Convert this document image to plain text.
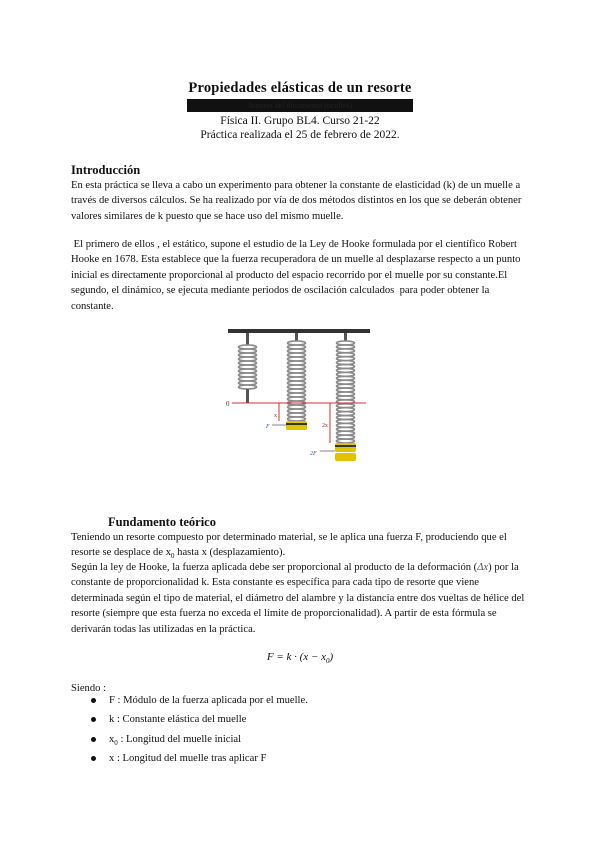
Propiedades elásticas de un resorte
Autores del documento (ocultos)
Física II. Grupo BL4. Curso 21-22
Práctica realizada el 25 de febrero de 2022.
Introducción

En esta práctica se lleva a cabo un experimento para obtener la constante de elasticidad (k) de un muelle a través de diversos cálculos. Se ha realizado por vía de dos métodos distintos en los que se deberán obtener valores similares de k puesto que se hace uso del mismo muelle.

El primero de ellos , el estático, supone el estudio de la Ley de Hooke formulada por el científico Robert Hooke en 1678. Esta establece que la fuerza recuperadora de un muelle al desplazarse respecto a un punto inicial es directamente proporcional al producto del espacio recorrido por el muelle por su constante.El segundo, el dinámico, se ejecuta mediante periodos de oscilación calculados  para poder obtener la constante.

0
x
F	2x
2F
Fundamento teórico

Teniendo un resorte compuesto por determinado material, se le aplica una fuerza F, produciendo que el resorte se desplace de $x_0$ hasta x (desplazamiento).

Según la ley de Hooke, la fuerza aplicada debe ser proporcional al producto de la deformación (Δx) por la constante de proporcionalidad k. Esta constante es específica para cada tipo de resorte que viene determinada según el tipo de material, el diámetro del alambre y la distancia entre dos vueltas de hélice del resorte (siempre que esta fuerza no exceda el límite de proporcionalidad). A partir de esta fórmula se derivarán todas las utilizadas en la práctica.

$F = k \cdot (x - x_0)$
Siendo :
F : Módulo de la fuerza aplicada por el muelle.
k : Constante elástica del muelle
$x_0$ : Longitud del muelle inicial
x : Longitud del muelle tras aplicar F
